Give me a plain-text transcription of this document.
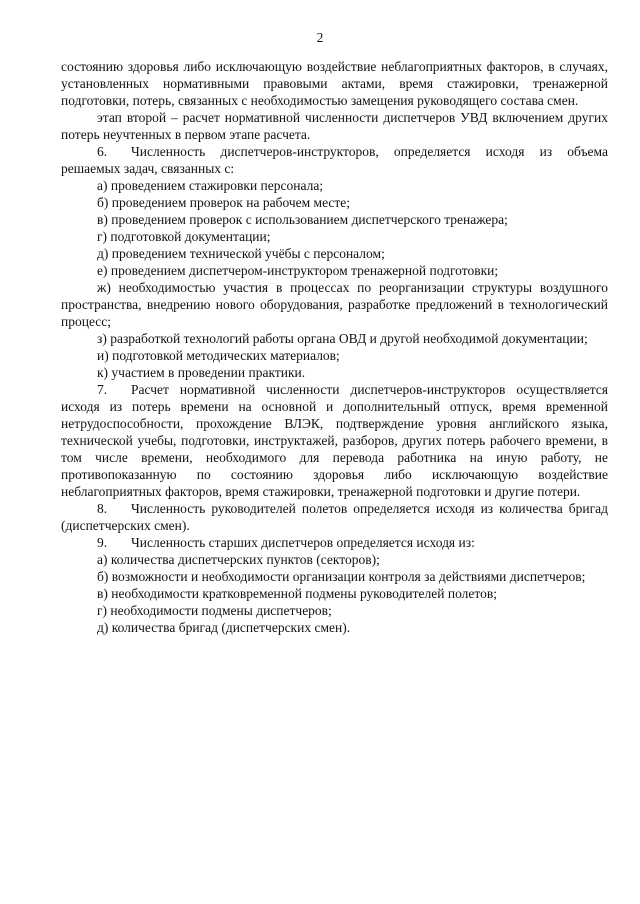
2

состоянию здоровья либо исключающую воздействие неблагоприятных факторов, в случаях, установленных нормативными правовыми актами, время стажировки, тренажерной подготовки, потерь, связанных с необходимостью замещения руководящего состава смен.

этап второй – расчет нормативной численности диспетчеров УВД включением других потерь неучтенных в первом этапе расчета.

6. Численность диспетчеров-инструкторов, определяется исходя из объема решаемых задач, связанных с:

а) проведением стажировки персонала;

б) проведением проверок на рабочем месте;

в) проведением проверок с использованием диспетчерского тренажера;

г) подготовкой документации;

д) проведением технической учёбы с персоналом;

е) проведением диспетчером-инструктором тренажерной подготовки;

ж) необходимостью участия в процессах по реорганизации структуры воздушного пространства, внедрению нового оборудования, разработке предложений в технологический процесс;

з) разработкой технологий работы органа ОВД и другой необходимой документации;

и) подготовкой методических материалов;

к) участием в проведении практики.

7. Расчет нормативной численности диспетчеров-инструкторов осуществляется исходя из потерь времени на основной и дополнительный отпуск, время временной нетрудоспособности, прохождение ВЛЭК, подтверждение уровня английского языка, технической учебы, подготовки, инструктажей, разборов, других потерь рабочего времени, в том числе времени, необходимого для перевода работника на иную работу, не противопоказанную по состоянию здоровья либо исключающую воздействие неблагоприятных факторов, время стажировки, тренажерной подготовки и другие потери.

8. Численность руководителей полетов определяется исходя из количества бригад (диспетчерских смен).

9. Численность старших диспетчеров определяется исходя из:

а) количества диспетчерских пунктов (секторов);

б) возможности и необходимости организации контроля за действиями диспетчеров;

в) необходимости кратковременной подмены руководителей полетов;

г) необходимости подмены диспетчеров;

д) количества бригад (диспетчерских смен).
